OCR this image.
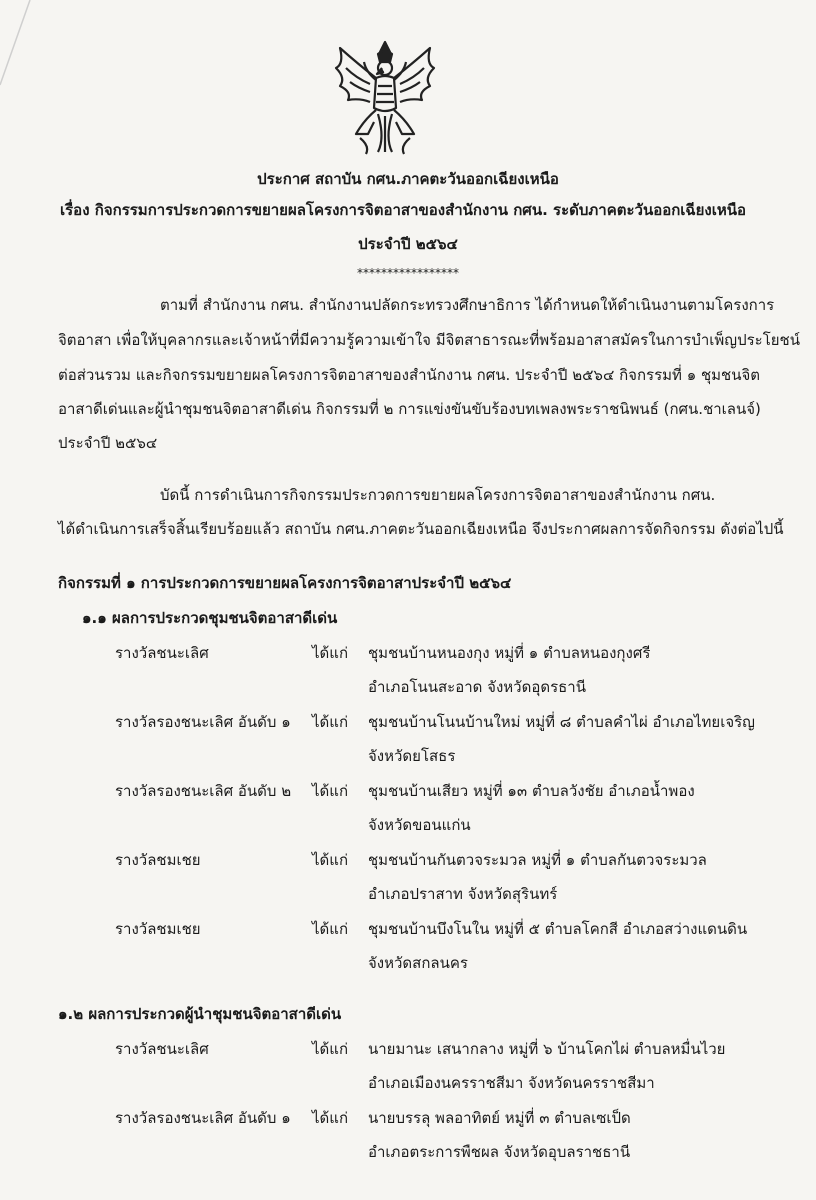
ประกาศ สถาบัน กศน.ภาคตะวันออกเฉียงเหนือ
เรื่อง กิจกรรมการประกวดการขยายผลโครงการจิตอาสาของสำนักงาน กศน. ระดับภาคตะวันออกเฉียงเหนือ
ประจำปี ๒๕๖๔
*****************
ตามที่ สำนักงาน กศน. สำนักงานปลัดกระทรวงศึกษาธิการ ได้กำหนดให้ดำเนินงานตามโครงการ
จิตอาสา เพื่อให้บุคลากรและเจ้าหน้าที่มีความรู้ความเข้าใจ มีจิตสาธารณะที่พร้อมอาสาสมัครในการบำเพ็ญประโยชน์
ต่อส่วนรวม และกิจกรรมขยายผลโครงการจิตอาสาของสำนักงาน กศน. ประจำปี ๒๕๖๔ กิจกรรมที่ ๑ ชุมชนจิต
อาสาดีเด่นและผู้นำชุมชนจิตอาสาดีเด่น กิจกรรมที่ ๒ การแข่งขันขับร้องบทเพลงพระราชนิพนธ์ (กศน.ชาเลนจ์)
ประจำปี ๒๕๖๔
บัดนี้ การดำเนินการกิจกรรมประกวดการขยายผลโครงการจิตอาสาของสำนักงาน กศน.
ได้ดำเนินการเสร็จสิ้นเรียบร้อยแล้ว สถาบัน กศน.ภาคตะวันออกเฉียงเหนือ จึงประกาศผลการจัดกิจกรรม ดังต่อไปนี้
กิจกรรมที่ ๑ การประกวดการขยายผลโครงการจิตอาสาประจำปี ๒๕๖๔
๑.๑ ผลการประกวดชุมชนจิตอาสาดีเด่น
รางวัลชนะเลิศ	ได้แก่ ชุมชนบ้านหนองกุง หมู่ที่ ๑ ตำบลหนองกุงศรี
อำเภอโนนสะอาด จังหวัดอุดรธานี
รางวัลรองชนะเลิศ อันดับ ๑ ได้แก่ ชุมชนบ้านโนนบ้านใหม่ หมู่ที่ ๘ ตำบลคำไผ่ อำเภอไทยเจริญ
จังหวัดยโสธร
รางวัลรองชนะเลิศ อันดับ ๒ ได้แก่ ชุมชนบ้านเสียว หมู่ที่ ๑๓ ตำบลวังชัย อำเภอน้ำพอง
จังหวัดขอนแก่น
รางวัลชมเชย	ได้แก่ ชุมชนบ้านกันตวจระมวล หมู่ที่ ๑ ตำบลกันตวจระมวล
อำเภอปราสาท จังหวัดสุรินทร์
รางวัลชมเชย	ได้แก่ ชุมชนบ้านบึงโนใน หมู่ที่ ๕ ตำบลโคกสี อำเภอสว่างแดนดิน
จังหวัดสกลนคร
๑.๒ ผลการประกวดผู้นำชุมชนจิตอาสาดีเด่น
รางวัลชนะเลิศ	ได้แก่ นายมานะ เสนากลาง หมู่ที่ ๖ บ้านโคกไผ่ ตำบลหมื่นไวย
อำเภอเมืองนครราชสีมา จังหวัดนครราชสีมา
รางวัลรองชนะเลิศ อันดับ ๑ ได้แก่ นายบรรลุ พลอาทิตย์ หมู่ที่ ๓ ตำบลเซเป็ด
อำเภอตระการพืชผล จังหวัดอุบลราชธานี
